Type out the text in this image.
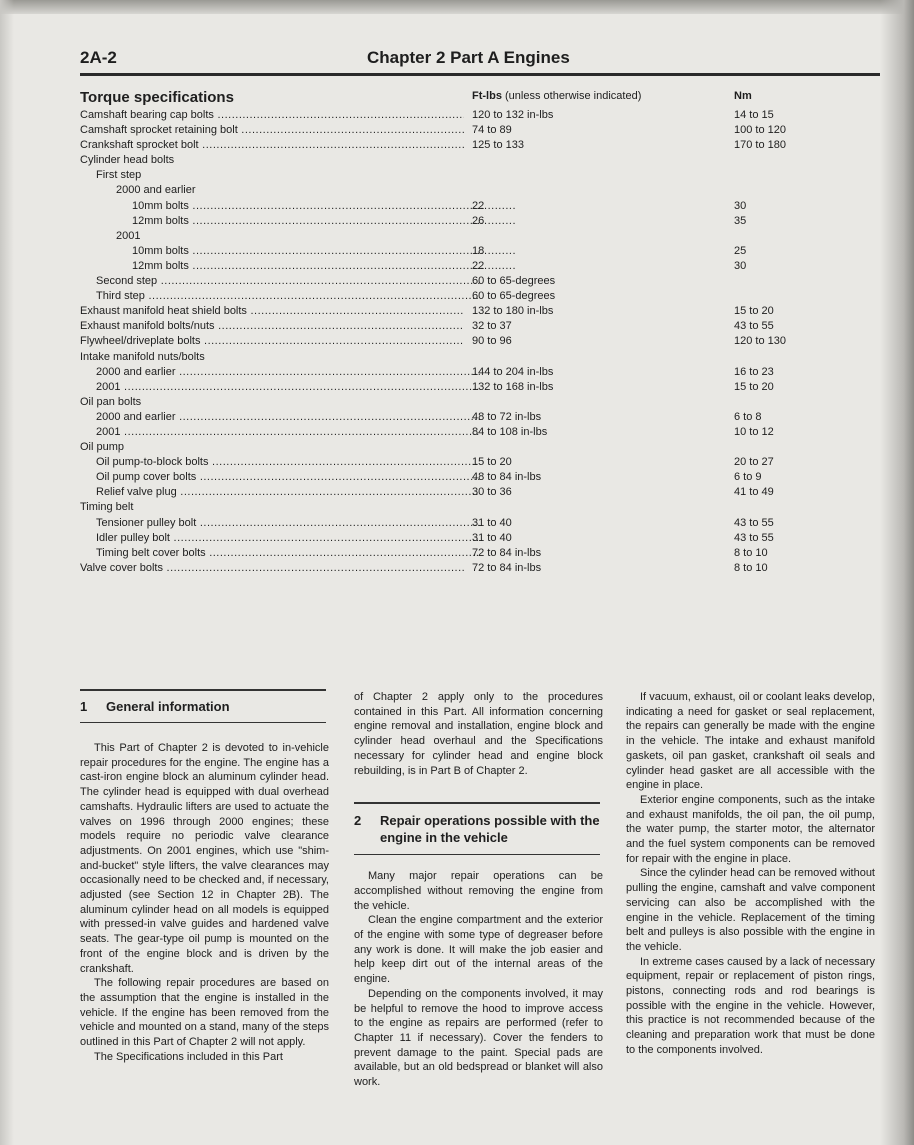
2A-2	Chapter 2 Part A Engines
Torque specifications	Ft-lbs (unless otherwise indicated)	Nm
Camshaft bearing cap bolts .....	120 to 132 in-lbs	14 to 15
Camshaft sprocket retaining bolt .....	74 to 89	100 to 120
Crankshaft sprocket bolt .....	125 to 133	170 to 180
Cylinder head bolts
First step
2000 and earlier
10mm bolts .....	22	30
12mm bolts .....	26	35
2001
10mm bolts .....	18	25
12mm bolts .....	22	30
Second step .....	60 to 65-degrees
Third step .....	60 to 65-degrees
Exhaust manifold heat shield bolts .....	132 to 180 in-lbs	15 to 20
Exhaust manifold bolts/nuts .....	32 to 37	43 to 55
Flywheel/driveplate bolts .....	90 to 96	120 to 130
Intake manifold nuts/bolts
2000 and earlier .....	144 to 204 in-lbs	16 to 23
2001 .....	132 to 168 in-lbs	15 to 20
Oil pan bolts
2000 and earlier .....	48 to 72 in-lbs	6 to 8
2001 .....	84 to 108 in-lbs	10 to 12
Oil pump
Oil pump-to-block bolts .....	15 to 20	20 to 27
Oil pump cover bolts .....	48 to 84 in-lbs	6 to 9
Relief valve plug .....	30 to 36	41 to 49
Timing belt
Tensioner pulley bolt .....	31 to 40	43 to 55
Idler pulley bolt .....	31 to 40	43 to 55
Timing belt cover bolts .....	72 to 84 in-lbs	8 to 10
Valve cover bolts .....	72 to 84 in-lbs	8 to 10
1	General information

This Part of Chapter 2 is devoted to in-vehicle repair procedures for the engine. The engine has a cast-iron engine block an aluminum cylinder head. The cylinder head is equipped with dual overhead camshafts. Hydraulic lifters are used to actuate the valves on 1996 through 2000 engines; these models require no periodic valve clearance adjustments. On 2001 engines, which use "shim-and-bucket" style lifters, the valve clearances may occasionally need to be checked and, if necessary, adjusted (see Section 12 in Chapter 2B). The aluminum cylinder head on all models is equipped with pressed-in valve guides and hardened valve seats. The gear-type oil pump is mounted on the front of the engine block and is driven by the crankshaft.

The following repair procedures are based on the assumption that the engine is installed in the vehicle. If the engine has been removed from the vehicle and mounted on a stand, many of the steps outlined in this Part of Chapter 2 will not apply.

The Specifications included in this Part

of Chapter 2 apply only to the procedures contained in this Part. All information concerning engine removal and installation, engine block and cylinder head overhaul and the Specifications necessary for cylinder head and engine block rebuilding, is in Part B of Chapter 2.

2	Repair operations possible with the engine in the vehicle

Many major repair operations can be accomplished without removing the engine from the vehicle.

Clean the engine compartment and the exterior of the engine with some type of degreaser before any work is done. It will make the job easier and help keep dirt out of the internal areas of the engine.

Depending on the components involved, it may be helpful to remove the hood to improve access to the engine as repairs are performed (refer to Chapter 11 if necessary). Cover the fenders to prevent damage to the paint. Special pads are available, but an old bedspread or blanket will also work.

If vacuum, exhaust, oil or coolant leaks develop, indicating a need for gasket or seal replacement, the repairs can generally be made with the engine in the vehicle. The intake and exhaust manifold gaskets, oil pan gasket, crankshaft oil seals and cylinder head gasket are all accessible with the engine in place.

Exterior engine components, such as the intake and exhaust manifolds, the oil pan, the oil pump, the water pump, the starter motor, the alternator and the fuel system components can be removed for repair with the engine in place.

Since the cylinder head can be removed without pulling the engine, camshaft and valve component servicing can also be accomplished with the engine in the vehicle. Replacement of the timing belt and pulleys is also possible with the engine in the vehicle.

In extreme cases caused by a lack of necessary equipment, repair or replacement of piston rings, pistons, connecting rods and rod bearings is possible with the engine in the vehicle. However, this practice is not recommended because of the cleaning and preparation work that must be done to the components involved.
